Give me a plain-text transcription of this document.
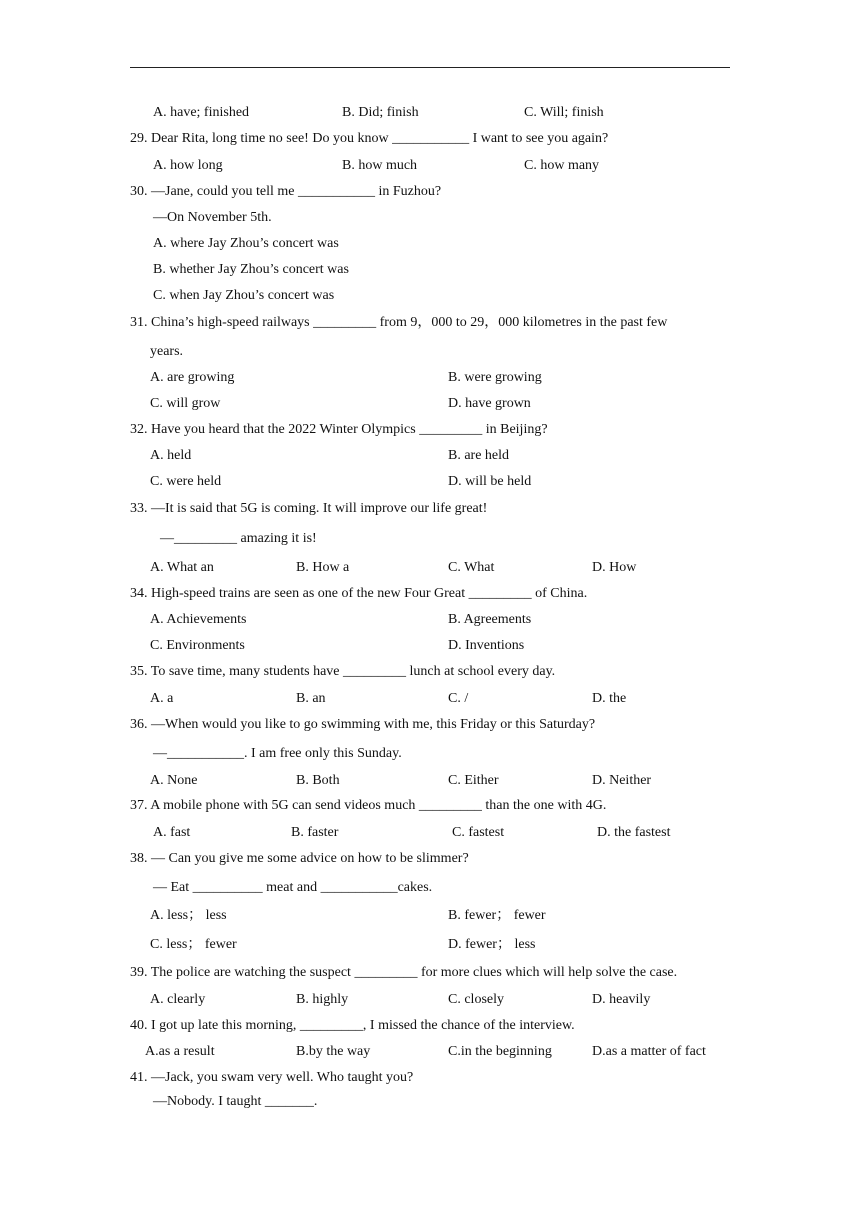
A. have; finished	B. Did; finish	C. Will; finish
29. Dear Rita, long time no see! Do you know ___________ I want to see you again?
A. how long	B. how much	C. how many
30. —Jane, could you tell me ___________ in Fuzhou?
—On November 5th.
A. where Jay Zhou’s concert was
B. whether Jay Zhou’s concert was
C. when Jay Zhou’s concert was
31. China’s high-speed railways _________ from 9，000 to 29，000 kilometres in the past few
years.
A. are growing	B. were growing
C. will grow	D. have grown
32. Have you heard that the 2022 Winter Olympics _________ in Beijing?
A. held	B. are held
C. were held	D. will be held
33. —It is said that 5G is coming. It will improve our life great!
—_________ amazing it is!
A. What an	B. How a	C. What	D. How
34. High-speed trains are seen as one of the new Four Great _________ of China.
A. Achievements	B. Agreements
C. Environments	D. Inventions
35. To save time, many students have _________ lunch at school every day.
A. a	B. an	C. /	D. the
36. —When would you like to go swimming with me, this Friday or this Saturday?
—___________. I am free only this Sunday.
A. None	B. Both	C. Either	D. Neither
37. A mobile phone with 5G can send videos much _________ than the one with 4G.
A. fast	B. faster	C. fastest	D. the fastest
38. — Can you give me some advice on how to be slimmer?
— Eat __________ meat and ___________cakes.
A. less； less	B. fewer； fewer
C. less； fewer	D. fewer； less
39. The police are watching the suspect _________ for more clues which will help solve the case.
A. clearly	B. highly	C. closely	D. heavily
40. I got up late this morning, _________, I missed the chance of the interview.
A.as a result	B.by the way	C.in the beginning	D.as a matter of fact
41. —Jack, you swam very well. Who taught you?
—Nobody. I taught _______.
